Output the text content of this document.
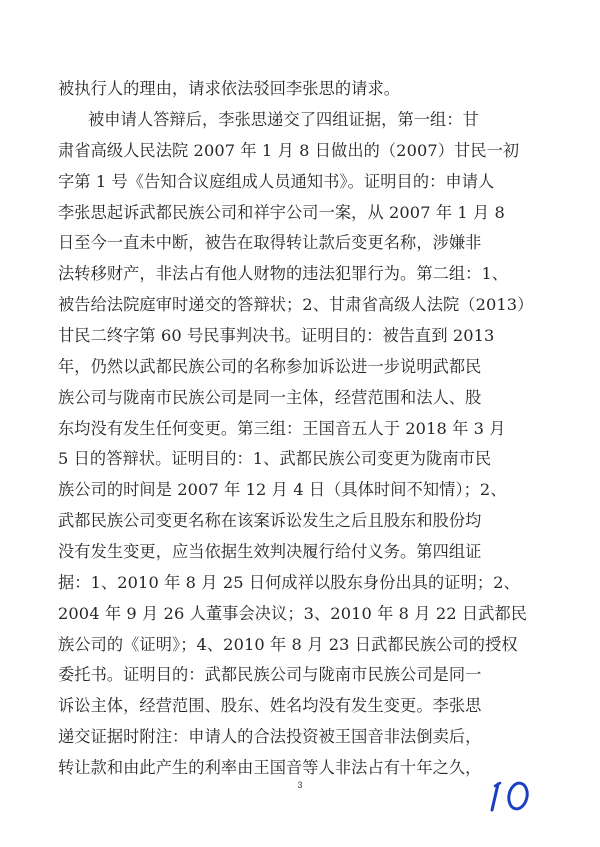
被执行人的理由，请求依法驳回李张思的请求。
被申请人答辩后，李张思递交了四组证据，第一组：甘
肃省高级人民法院 2007 年 1 月 8 日做出的（2007）甘民一初
字第 1 号《告知合议庭组成人员通知书》。证明目的：申请人
李张思起诉武都民族公司和祥宇公司一案，从 2007 年 1 月 8
日至今一直未中断，被告在取得转让款后变更名称，涉嫌非
法转移财产，非法占有他人财物的违法犯罪行为。第二组：1、
被告给法院庭审时递交的答辩状；2、甘肃省高级人法院（2013）
甘民二终字第 60 号民事判决书。证明目的：被告直到 2013
年，仍然以武都民族公司的名称参加诉讼进一步说明武都民
族公司与陇南市民族公司是同一主体，经营范围和法人、股
东均没有发生任何变更。第三组：王国音五人于 2018 年 3 月
5 日的答辩状。证明目的：1、武都民族公司变更为陇南市民
族公司的时间是 2007 年 12 月 4 日（具体时间不知情）；2、
武都民族公司变更名称在该案诉讼发生之后且股东和股份均
没有发生变更，应当依据生效判决履行给付义务。第四组证
据：1、2010 年 8 月 25 日何成祥以股东身份出具的证明；2、
2004 年 9 月 26 人董事会决议；3、2010 年 8 月 22 日武都民
族公司的《证明》；4、2010 年 8 月 23 日武都民族公司的授权
委托书。证明目的：武都民族公司与陇南市民族公司是同一
诉讼主体，经营范围、股东、姓名均没有发生变更。李张思
3
递交证据时附注：申请人的合法投资被王国音非法倒卖后，
转让款和由此产生的利率由王国音等人非法占有十年之久，
